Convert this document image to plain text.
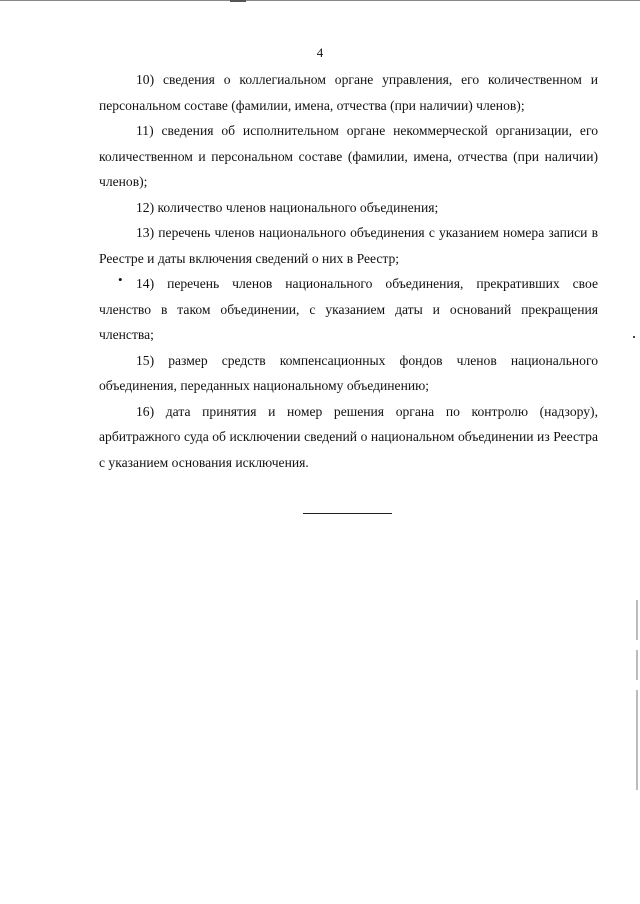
4

10) сведения о коллегиальном органе управления, его количественном и персональном составе (фамилии, имена, отчества (при наличии) членов);

11) сведения об исполнительном органе некоммерческой организации, его количественном и персональном составе (фамилии, имена, отчества (при наличии) членов);

12) количество членов национального объединения;

13) перечень членов национального объединения с указанием номера записи в Реестре и даты включения сведений о них в Реестр;

14) перечень членов национального объединения, прекративших свое членство в таком объединении, с указанием даты и оснований прекращения членства;

15) размер средств компенсационных фондов членов национального объединения, переданных национальному объединению;

16) дата принятия и номер решения органа по контролю (надзору), арбитражного суда об исключении сведений о национальном объединении из Реестра с указанием основания исключения.

•
